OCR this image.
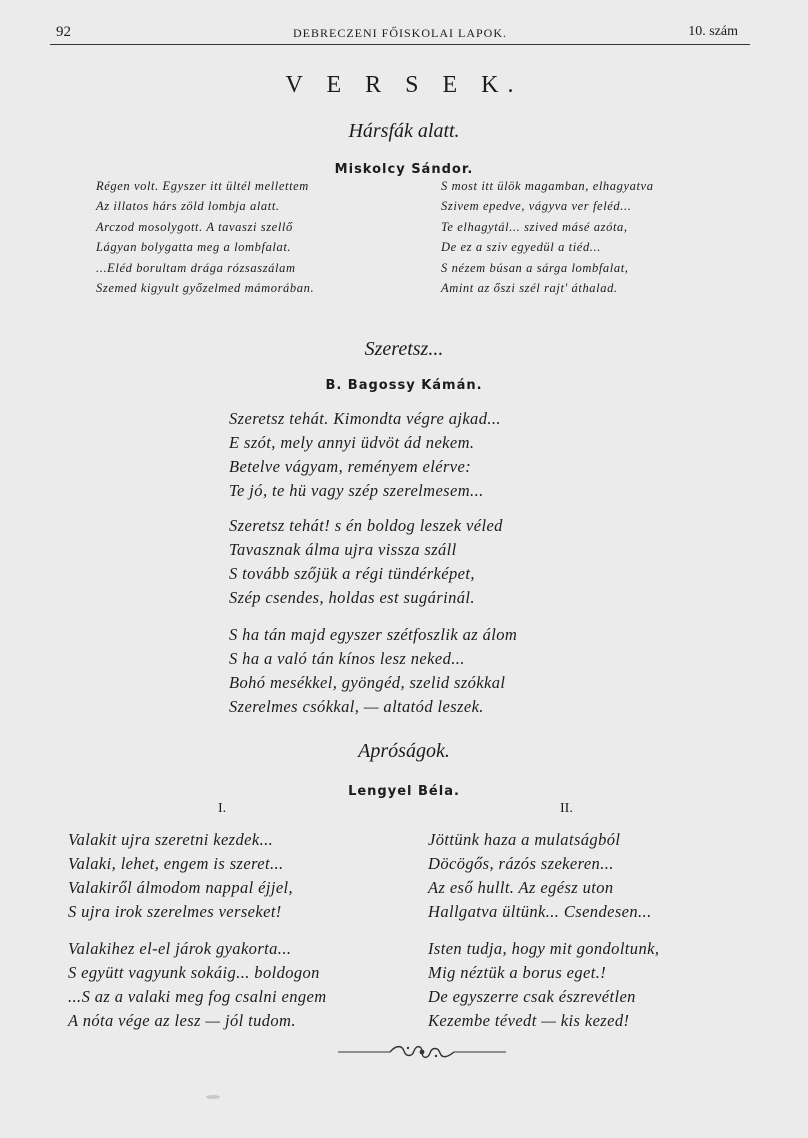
92	DEBRECZENI FŐISKOLAI LAPOK.	10. szám
V E R S E K.
Hársfák alatt.
Miskolcy Sándor.
Régen volt. Egyszer itt ültél mellettem
Az illatos hárs zöld lombja alatt.
Arczod mosolygott. A tavaszi szellő
Lágyan bolygatta meg a lombfalat.
...Eléd borultam drága rózsaszálam
Szemed kigyult győzelmed mámorában.
S most itt ülök magamban, elhagyatva
Szivem epedve, vágyva ver feléd...
Te elhagytál... szived másé azóta,
De ez a sziv egyedül a tiéd...
S nézem búsan a sárga lombfalat,
Amint az őszi szél rajt' áthalad.
Szeretsz...
B. Bagossy Kámán.
Szeretsz tehát. Kimondta végre ajkad...
E szót, mely annyi üdvöt ád nekem.
Betelve vágyam, reményem elérve:
Te jó, te hü vagy szép szerelmesem...
Szeretsz tehát! s én boldog leszek véled
Tavasznak álma ujra vissza száll
S tovább szőjük a régi tündérképet,
Szép csendes, holdas est sugárinál.
S ha tán majd egyszer szétfoszlik az álom
S ha a való tán kínos lesz neked...
Bohó mesékkel, gyöngéd, szelid szókkal
Szerelmes csókkal, — altatód leszek.
Apróságok.
Lengyel Béla.
I.	II.
Valakit ujra szeretni kezdek...
Valaki, lehet, engem is szeret...
Valakiről álmodom nappal éjjel,
S ujra irok szerelmes verseket!
Valakihez el-el járok gyakorta...
S együtt vagyunk sokáig... boldogon
...S az a valaki meg fog csalni engem
A nóta vége az lesz — jól tudom.
Jöttünk haza a mulatságból
Döcögős, rázós szekeren...
Az eső hullt. Az egész uton
Hallgatva ültünk... Csendesen...
Isten tudja, hogy mit gondoltunk,
Mig néztük a borus eget.!
De egyszerre csak észrevétlen
Kezembe tévedt — kis kezed!
